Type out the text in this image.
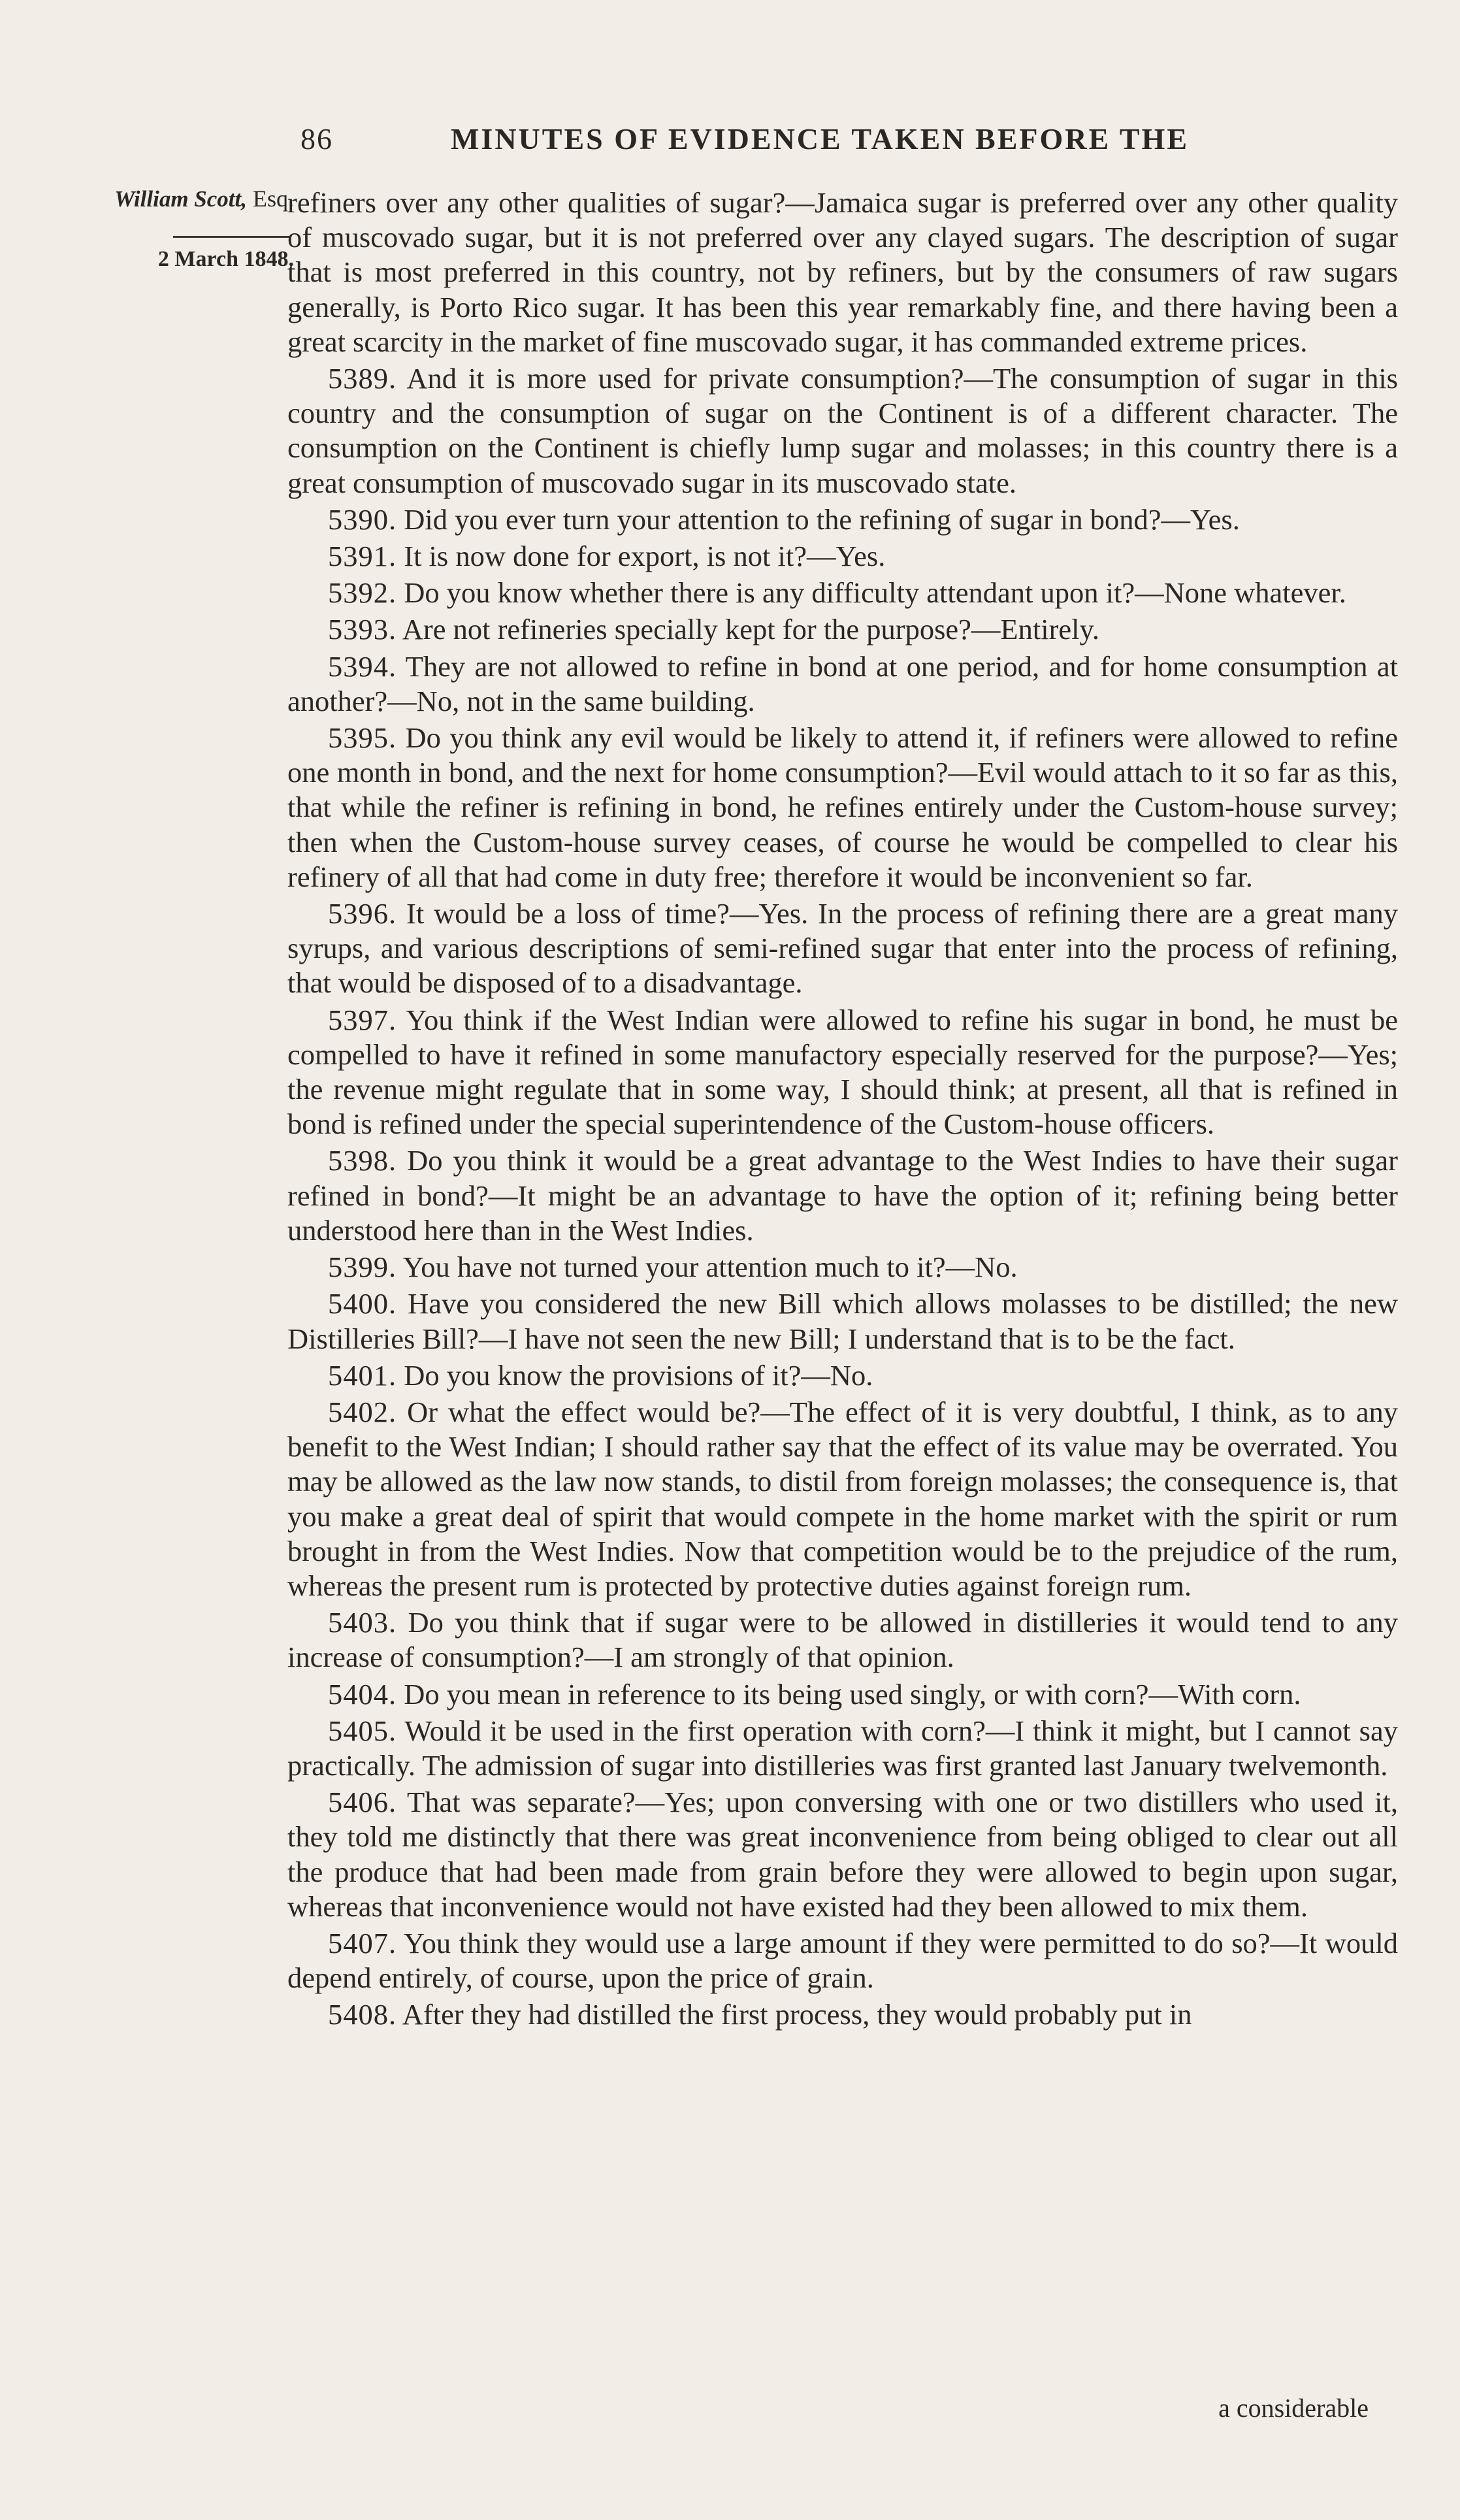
86	MINUTES OF EVIDENCE TAKEN BEFORE THE
William Scott, Esq.
2 March 1848.

refiners over any other qualities of sugar?—Jamaica sugar is preferred over any other quality of muscovado sugar, but it is not preferred over any clayed sugars. The description of sugar that is most preferred in this country, not by refiners, but by the consumers of raw sugars generally, is Porto Rico sugar. It has been this year remarkably fine, and there having been a great scarcity in the market of fine muscovado sugar, it has commanded extreme prices.

5389. And it is more used for private consumption?—The consumption of sugar in this country and the consumption of sugar on the Continent is of a different character. The consumption on the Continent is chiefly lump sugar and molasses; in this country there is a great consumption of muscovado sugar in its muscovado state.

5390. Did you ever turn your attention to the refining of sugar in bond?—Yes.

5391. It is now done for export, is not it?—Yes.

5392. Do you know whether there is any difficulty attendant upon it?—None whatever.

5393. Are not refineries specially kept for the purpose?—Entirely.

5394. They are not allowed to refine in bond at one period, and for home consumption at another?—No, not in the same building.

5395. Do you think any evil would be likely to attend it, if refiners were allowed to refine one month in bond, and the next for home consumption?—Evil would attach to it so far as this, that while the refiner is refining in bond, he refines entirely under the Custom-house survey; then when the Custom-house survey ceases, of course he would be compelled to clear his refinery of all that had come in duty free; therefore it would be inconvenient so far.

5396. It would be a loss of time?—Yes. In the process of refining there are a great many syrups, and various descriptions of semi-refined sugar that enter into the process of refining, that would be disposed of to a disadvantage.

5397. You think if the West Indian were allowed to refine his sugar in bond, he must be compelled to have it refined in some manufactory especially reserved for the purpose?—Yes; the revenue might regulate that in some way, I should think; at present, all that is refined in bond is refined under the special superintendence of the Custom-house officers.

5398. Do you think it would be a great advantage to the West Indies to have their sugar refined in bond?—It might be an advantage to have the option of it; refining being better understood here than in the West Indies.

5399. You have not turned your attention much to it?—No.

5400. Have you considered the new Bill which allows molasses to be distilled; the new Distilleries Bill?—I have not seen the new Bill; I understand that is to be the fact.

5401. Do you know the provisions of it?—No.

5402. Or what the effect would be?—The effect of it is very doubtful, I think, as to any benefit to the West Indian; I should rather say that the effect of its value may be overrated. You may be allowed as the law now stands, to distil from foreign molasses; the consequence is, that you make a great deal of spirit that would compete in the home market with the spirit or rum brought in from the West Indies. Now that competition would be to the prejudice of the rum, whereas the present rum is protected by protective duties against foreign rum.

5403. Do you think that if sugar were to be allowed in distilleries it would tend to any increase of consumption?—I am strongly of that opinion.

5404. Do you mean in reference to its being used singly, or with corn?—With corn.

5405. Would it be used in the first operation with corn?—I think it might, but I cannot say practically. The admission of sugar into distilleries was first granted last January twelvemonth.

5406. That was separate?—Yes; upon conversing with one or two distillers who used it, they told me distinctly that there was great inconvenience from being obliged to clear out all the produce that had been made from grain before they were allowed to begin upon sugar, whereas that inconvenience would not have existed had they been allowed to mix them.

5407. You think they would use a large amount if they were permitted to do so?—It would depend entirely, of course, upon the price of grain.

5408. After they had distilled the first process, they would probably put in

a considerable
